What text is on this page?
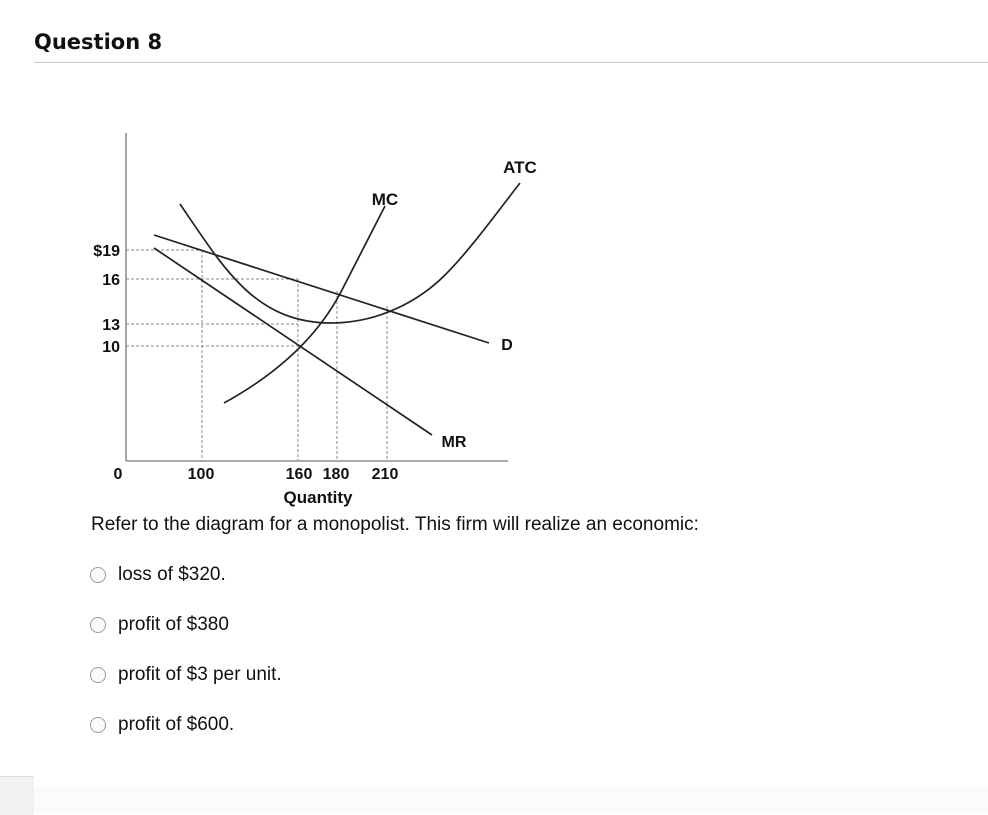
Question 8
$19
16
13
10
0	100	160 180 210
Quantity
MC
ATC
D
MR
Refer to the diagram for a monopolist. This firm will realize an economic:
loss of $320.
profit of $380
profit of $3 per unit.
profit of $600.
